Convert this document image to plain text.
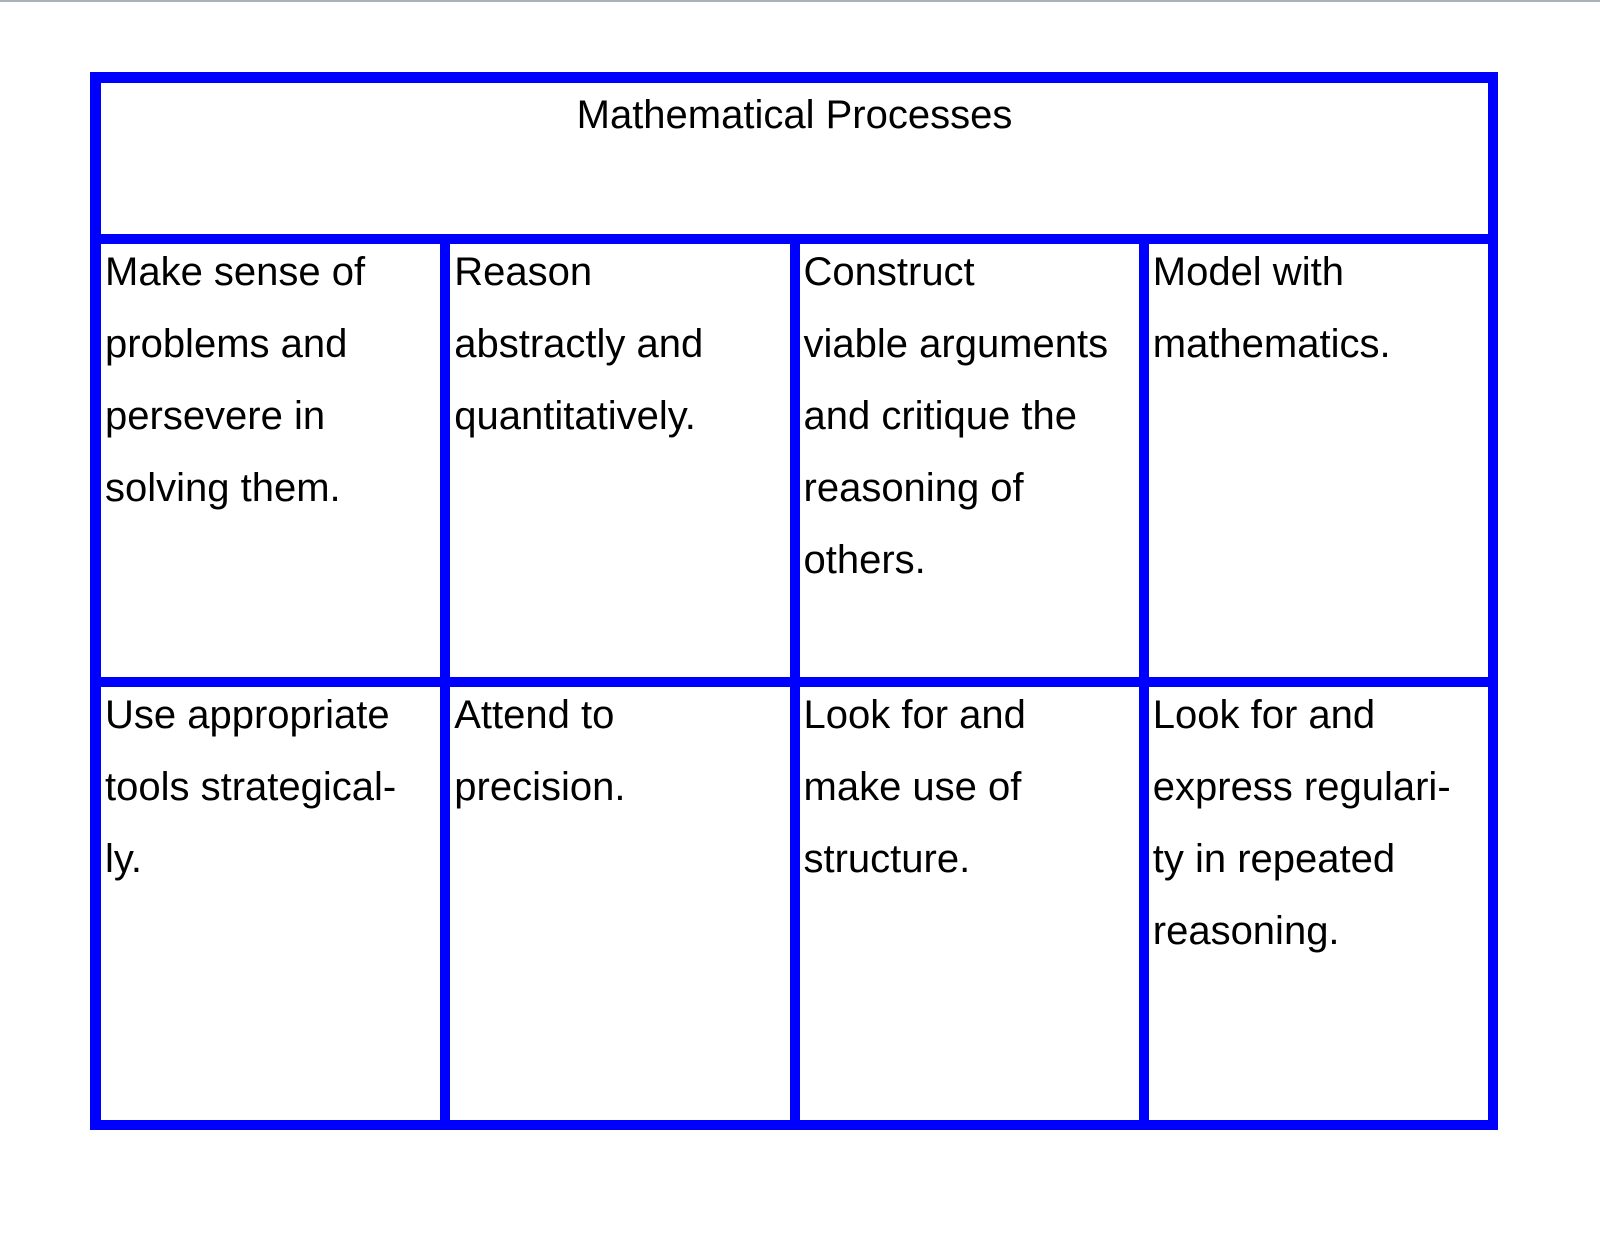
Mathematical Processes
Make sense of
problems and
persevere in
solving them.
Reason
abstractly and
quantitatively.
Construct
viable arguments
and critique the
reasoning of
others.
Model with
mathematics.
Use appropriate
tools strategical-
ly.
Attend to
precision.
Look for and
make use of
structure.
Look for and
express regulari-
ty in repeated
reasoning.
